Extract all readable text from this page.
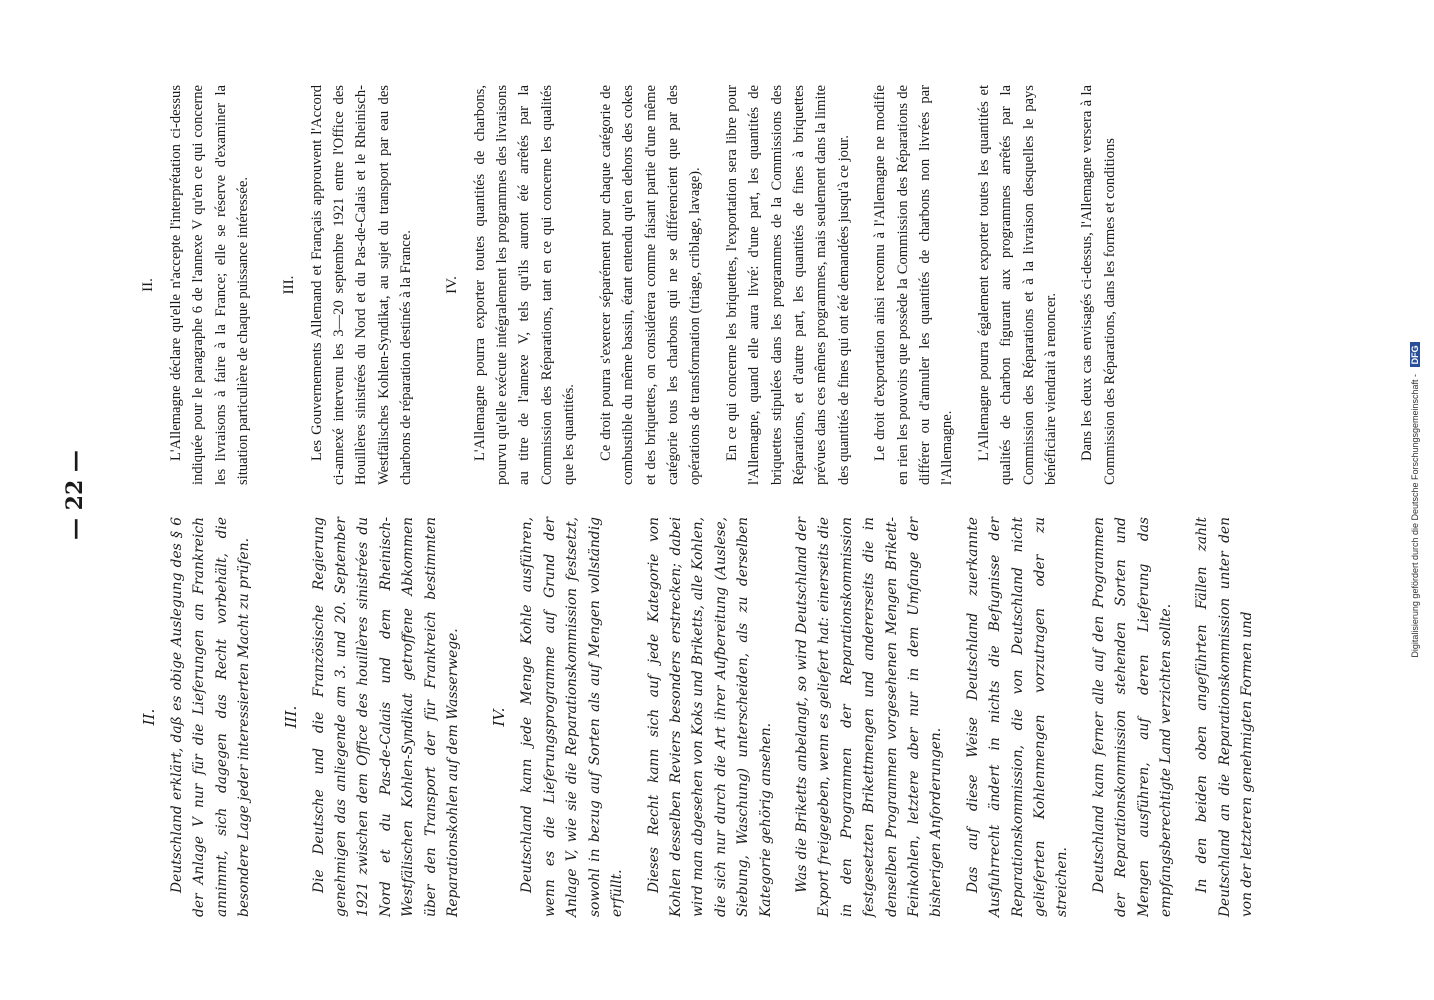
— 22 —

II. Deutschland erklärt, daß es obige Auslegung des § 6 der Anlage V nur für die Lieferungen an Frankreich annimmt, sich dagegen das Recht vorbehält, die besondere Lage jeder interessierten Macht zu prüfen. III. Die Deutsche und die Französische Regierung genehmigen das anliegende am 3. und 20. September 1921 zwischen dem Office des houillères sinistrées du Nord et du Pas-de-Calais und dem Rheinisch-Westfälischen Kohlen-Syndikat getroffene Abkommen über den Transport der für Frankreich bestimmten Reparationskohlen auf dem Wasserwege. IV. Deutschland kann jede Menge Kohle ausführen, wenn es die Lieferungsprogramme auf Grund der Anlage V, wie sie die Reparationskommission festsetzt, sowohl in bezug auf Sorten als auf Mengen vollständig erfüllt.

Dieses Recht kann sich auf jede Kategorie von Kohlen desselben Reviers besonders erstrecken; dabei wird man abgesehen von Koks und Briketts, alle Kohlen, die sich nur durch die Art ihrer Aufbereitung (Auslese, Siebung, Waschung) unterscheiden, als zu derselben Kategorie gehörig ansehen. Was die Briketts anbelangt, so wird Deutschland der Export freigegeben, wenn es geliefert hat: einerseits die in den Programmen der Reparationskommission festgesetzten Brikettmengen und andererseits die in denselben Programmen vorgesehenen Mengen Brikett-Feinkohlen, letztere aber nur in dem Umfange der bisherigen Anforderungen. Das auf diese Weise Deutschland zuerkannte Ausfuhrrecht ändert in nichts die Befugnisse der Reparationskommission, die von Deutschland nicht gelieferten Kohlenmengen vorzutragen oder zu streichen. Deutschland kann ferner alle auf den Programmen der Reparationskommission stehenden Sorten und Mengen ausführen, auf deren Lieferung das empfangsberechtigte Land verzichten sollte. In den beiden oben angeführten Fällen zahlt Deutschland an die Reparationskommission unter den von der letzteren genehmigten Formen und

II. L'Allemagne déclare qu'elle n'accepte l'interprétation ci-dessus indiquée pour le paragraphe 6 de l'annexe V qu'en ce qui concerne les livraisons à faire à la France; elle se réserve d'examiner la situation particulière de chaque puissance intéressée. III. Les Gouvernements Allemand et Français approuvent l'Accord ci-annexé intervenu les 3—20 septembre 1921 entre l'Office des Houillères sinistrées du Nord et du Pas-de-Calais et le Rheinisch-Westfälisches Kohlen-Syndikat, au sujet du transport par eau des charbons de réparation destinés à la France. IV. L'Allemagne pourra exporter toutes quantités de charbons, pourvu qu'elle exécute intégralement les programmes des livraisons au titre de l'annexe V, tels qu'ils auront été arrêtés par la Commission des Réparations, tant en ce qui concerne les qualités que les quantités. Ce droit pourra s'exercer séparément pour chaque catégorie de combustible du même bassin, étant entendu qu'en dehors des cokes et des briquettes, on considérera comme faisant partie d'une même catégorie tous les charbons qui ne se différencient que par des opérations de transformation (triage, criblage, lavage). En ce qui concerne les briquettes, l'exportation sera libre pour l'Allemagne, quand elle aura livré: d'une part, les quantités de briquettes stipulées dans les programmes de la Commissions des Réparations, et d'autre part, les quantités de fines à briquettes prévues dans ces mêmes programmes, mais seulement dans la limite des quantités de fines qui ont été demandées jusqu'à ce jour. Le droit d'exportation ainsi reconnu à l'Allemagne ne modifie en rien les pouvoirs que possède la Commission des Réparations de différer ou d'annuler les quantités de charbons non livrées par l'Allemagne. L'Allemagne pourra également exporter toutes les quantités et qualités de charbon figurant aux programmes arrêtés par la Commission des Réparations et à la livraison desquelles le pays bénéficiaire viendrait à renoncer. Dans les deux cas envisagés ci-dessus, l'Allemagne versera à la Commission des Réparations, dans les formes et conditions

Digitalisierung gefördert durch die Deutsche Forschungsgemeinschaft - DFG
